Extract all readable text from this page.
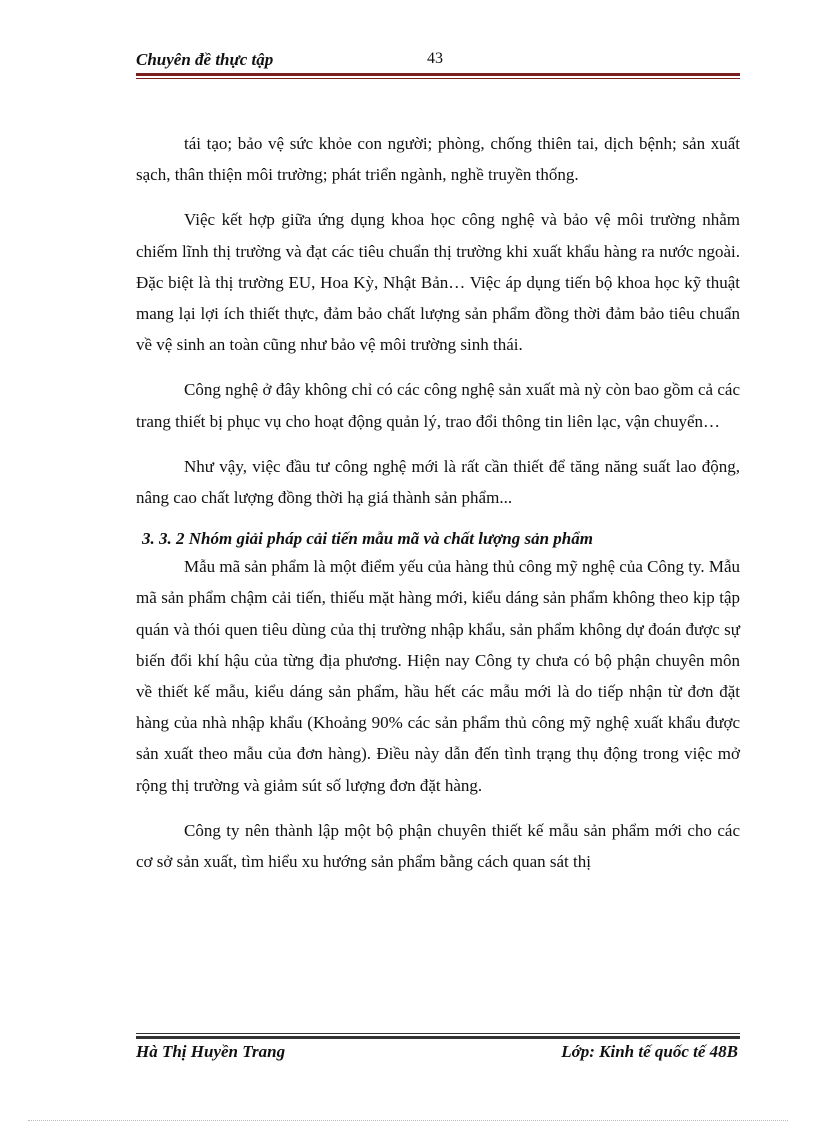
Chuyên đề thực tập	43

tái tạo; bảo vệ sức khỏe con người; phòng, chống thiên tai, dịch bệnh; sản xuất sạch, thân thiện môi trường; phát triển ngành, nghề truyền thống.

Việc kết hợp giữa ứng dụng khoa học công nghệ và bảo vệ môi trường nhằm chiếm lĩnh thị trường và đạt các tiêu chuẩn thị trường khi xuất khẩu hàng ra nước ngoài. Đặc biệt là thị trường EU, Hoa Kỳ, Nhật Bản… Việc áp dụng tiến bộ khoa học kỹ thuật mang lại lợi ích thiết thực, đảm bảo chất lượng sản phẩm đồng thời đảm bảo tiêu chuẩn về vệ sinh an toàn cũng như bảo vệ môi trường sinh thái.

Công nghệ ở đây không chỉ có các công nghệ sản xuất mà nỳ còn bao gồm cả các trang thiết bị phục vụ cho hoạt động quản lý, trao đổi thông tin liên lạc, vận chuyển…

Như vậy, việc đầu tư công nghệ mới là rất cần thiết để tăng năng suất lao động, nâng cao chất lượng đồng thời hạ giá thành sản phẩm...

3. 3. 2 Nhóm giải pháp cải tiến mẫu mã và chất lượng sản phẩm

Mẫu mã sản phẩm là một điểm yếu của hàng thủ công mỹ nghệ của Công ty. Mẫu mã sản phẩm chậm cải tiến, thiếu mặt hàng mới, kiểu dáng sản phẩm không theo kịp tập quán và thói quen tiêu dùng của thị trường nhập khẩu, sản phẩm không dự đoán được sự biến đổi khí hậu của từng địa phương. Hiện nay Công ty chưa có bộ phận chuyên môn về thiết kế mẫu, kiểu dáng sản phẩm, hầu hết các mẫu mới là do tiếp nhận từ đơn đặt hàng của nhà nhập khẩu (Khoảng 90% các sản phẩm thủ công mỹ nghệ xuất khẩu được sản xuất theo mẫu của đơn hàng). Điều này dẫn đến tình trạng thụ động trong việc mở rộng thị trường và giảm sút số lượng đơn đặt hàng.

Công ty nên thành lập một bộ phận chuyên thiết kế mẫu sản phẩm mới cho các cơ sở sản xuất, tìm hiểu xu hướng sản phẩm bằng cách quan sát thị

Hà Thị Huyền Trang	Lớp: Kinh tế quốc tế 48B
